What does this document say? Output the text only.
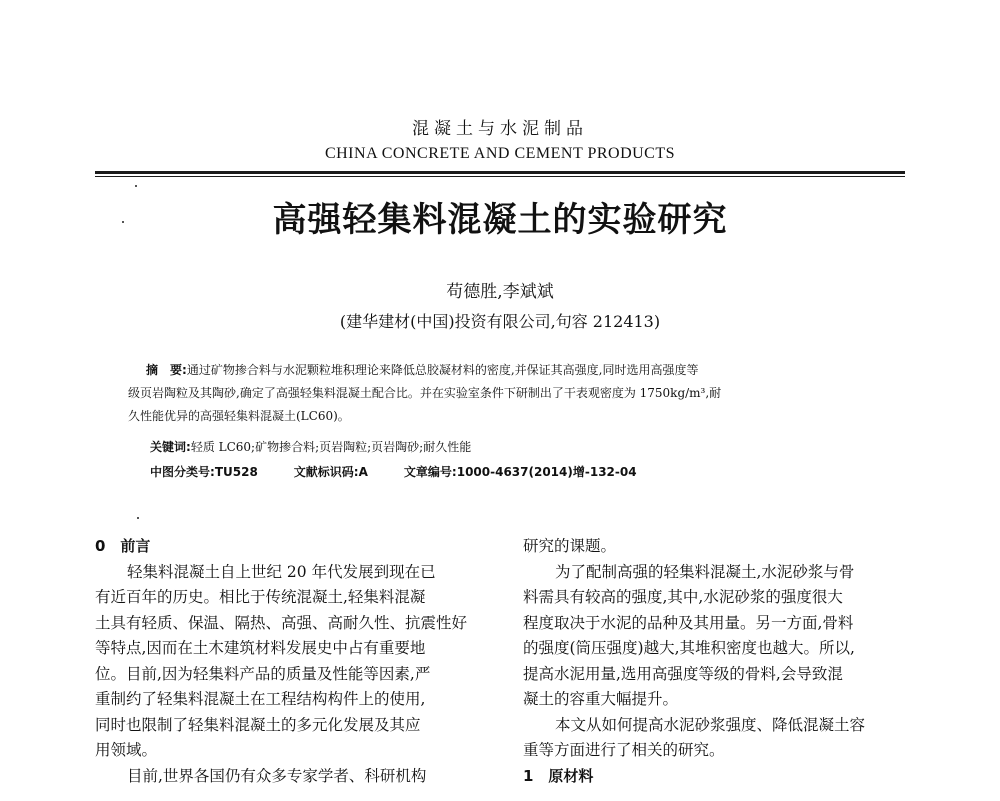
混凝土与水泥制品
CHINA CONCRETE AND CEMENT PRODUCTS
高强轻集料混凝土的实验研究
苟德胜,李斌斌
(建华建材(中国)投资有限公司,句容 212413)
摘　要:通过矿物掺合料与水泥颗粒堆积理论来降低总胶凝材料的密度,并保证其高强度,同时选用高强度等
级页岩陶粒及其陶砂,确定了高强轻集料混凝土配合比。并在实验室条件下研制出了干表观密度为 1750kg/m³,耐
久性能优异的高强轻集料混凝土(LC60)。
关键词:轻质 LC60;矿物掺合料;页岩陶粒;页岩陶砂;耐久性能
中图分类号:TU528	文献标识码:A	文章编号:1000-4637(2014)增-132-04
0　前言

轻集料混凝土自上世纪 20 年代发展到现在已
有近百年的历史。相比于传统混凝土,轻集料混凝
土具有轻质、保温、隔热、高强、高耐久性、抗震性好
等特点,因而在土木建筑材料发展史中占有重要地
位。目前,因为轻集料产品的质量及性能等因素,严
重制约了轻集料混凝土在工程结构构件上的使用,
同时也限制了轻集料混凝土的多元化发展及其应
用领域。

目前,世界各国仍有众多专家学者、科研机构

研究的课题。

为了配制高强的轻集料混凝土,水泥砂浆与骨
料需具有较高的强度,其中,水泥砂浆的强度很大
程度取决于水泥的品种及其用量。另一方面,骨料
的强度(筒压强度)越大,其堆积密度也越大。所以,
提高水泥用量,选用高强度等级的骨料,会导致混
凝土的容重大幅提升。

本文从如何提高水泥砂浆强度、降低混凝土容
重等方面进行了相关的研究。

1　原材料
